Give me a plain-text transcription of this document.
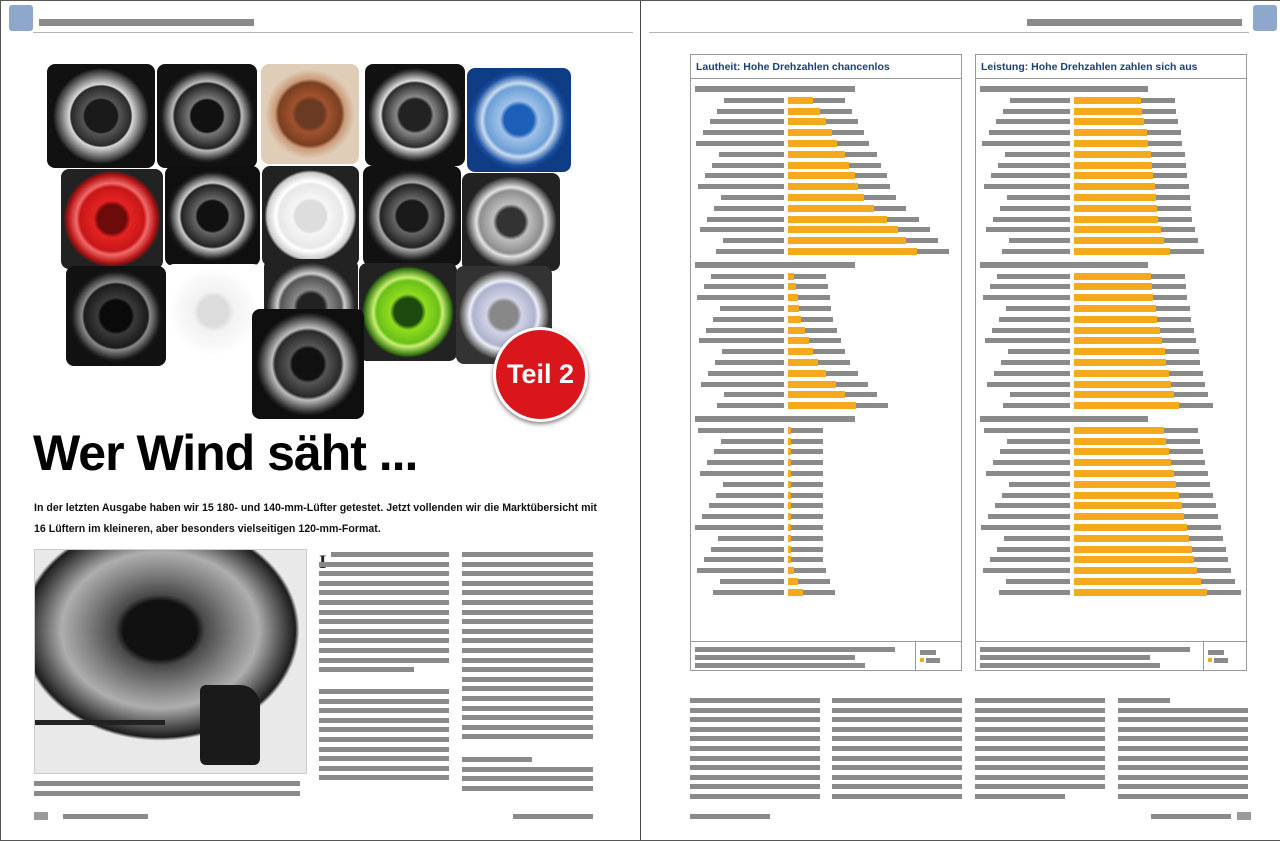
Teil 2
Wer Wind säht ...
In der letzten Ausgabe haben wir 15 180- und 140-mm-Lüfter getestet. Jetzt vollenden wir die Marktübersicht mit 16 Lüftern im kleineren, aber besonders vielseitigen 120-mm-Format.
Lautheit: Hohe Drehzahlen chancenlos	Leistung: Hohe Drehzahlen zahlen sich aus
